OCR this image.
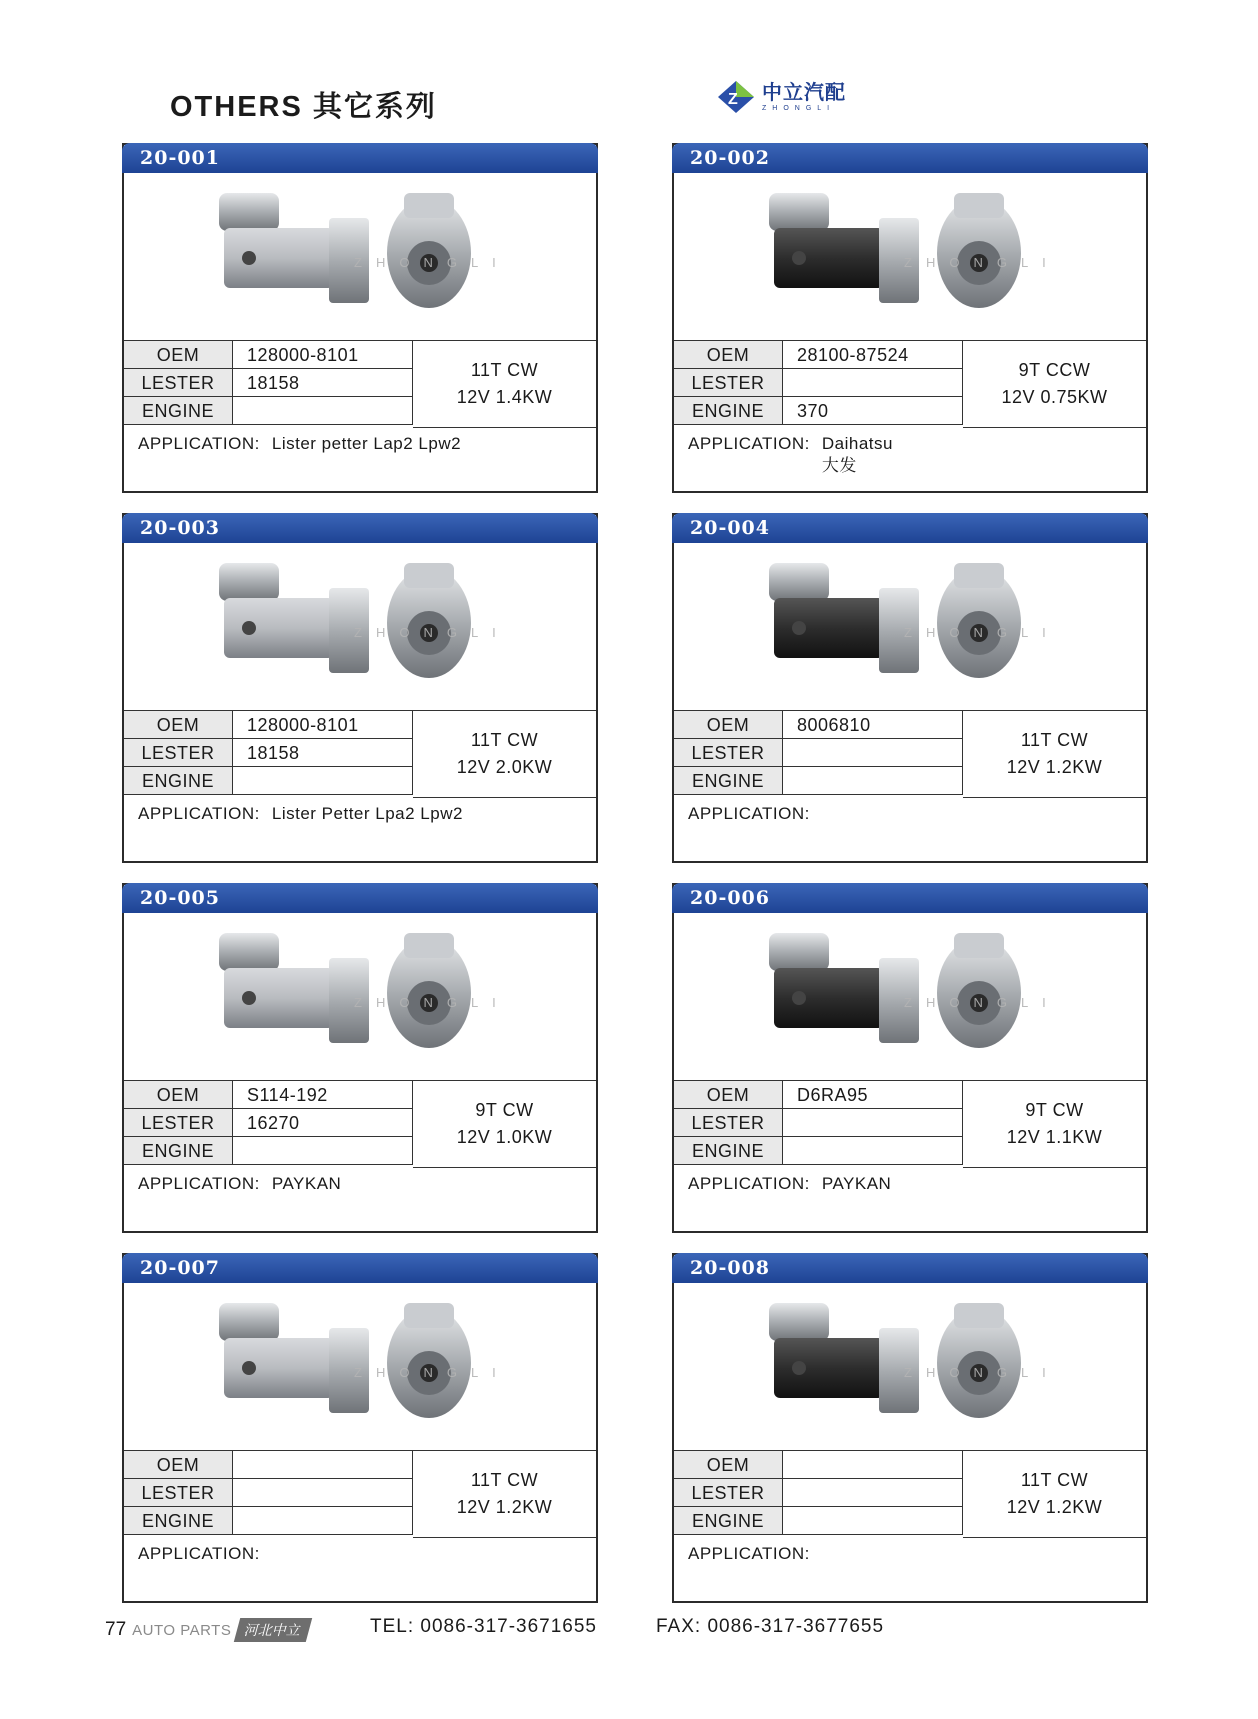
OTHERS 其它系列	Z 中立汽配
ZHONGLI
20-001
ZHONGLI
OEM	128000-8101
LESTER	18158
ENGINE
11T CW
12V 1.4KW
APPLICATION: Lister petter Lap2 Lpw2
20-002
ZHONGLI
OEM	28100-87524
LESTER
ENGINE	370
9T CCW
12V 0.75KW
APPLICATION: Daihatsu
大发
20-003
ZHONGLI
OEM	128000-8101
LESTER	18158
ENGINE
11T CW
12V 2.0KW
APPLICATION: Lister Petter Lpa2 Lpw2
20-004
ZHONGLI
OEM	8006810
LESTER
ENGINE
11T CW
12V 1.2KW
APPLICATION:
20-005
ZHONGLI
OEM	S114-192
LESTER	16270
ENGINE
9T CW
12V 1.0KW
APPLICATION: PAYKAN
20-006
ZHONGLI
OEM	D6RA95
LESTER
ENGINE
9T CW
12V 1.1KW
APPLICATION: PAYKAN
20-007
ZHONGLI
OEM
LESTER
ENGINE
11T CW
12V 1.2KW
APPLICATION:
20-008
ZHONGLI
OEM
LESTER
ENGINE
11T CW
12V 1.2KW
APPLICATION:
77 AUTO PARTS 河北中立	TEL: 0086-317-3671655	FAX: 0086-317-3677655
